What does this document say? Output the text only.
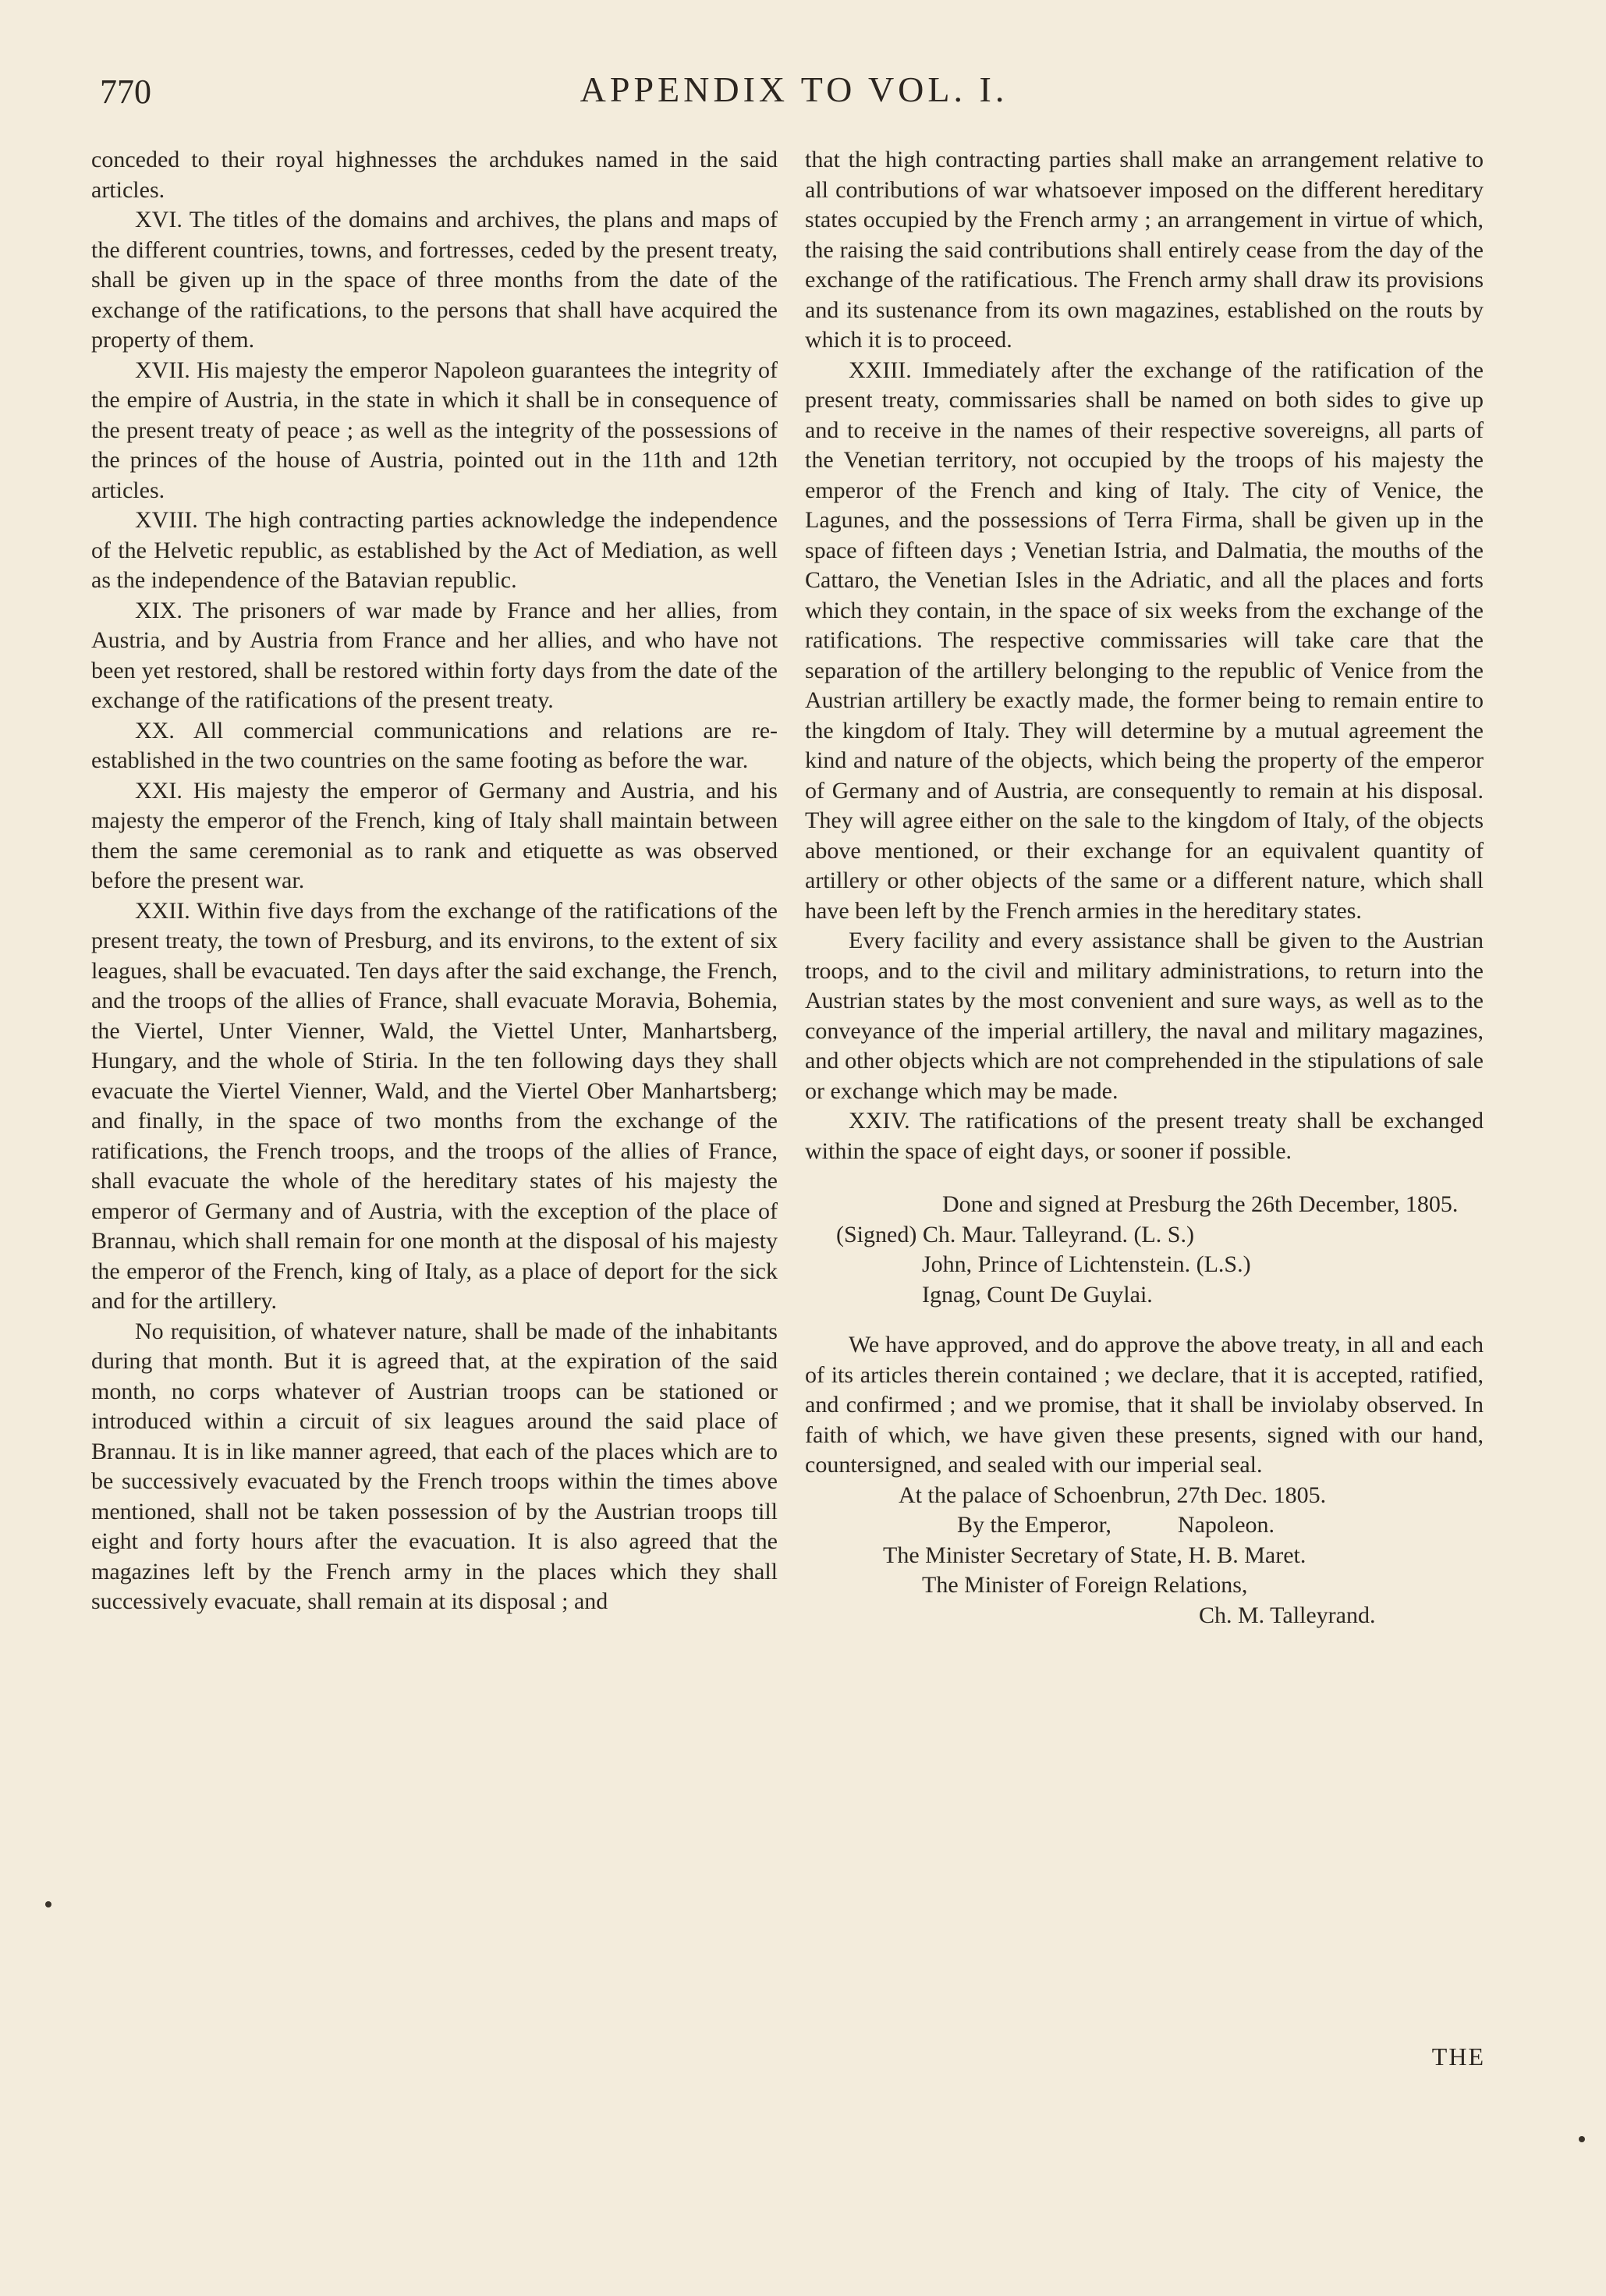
770	APPENDIX TO VOL. I.

conceded to their royal highnesses the archdukes named in the said articles.

XVI. The titles of the domains and archives, the plans and maps of the different countries, towns, and fortresses, ceded by the present treaty, shall be given up in the space of three months from the date of the exchange of the ratifications, to the persons that shall have acquired the property of them.

XVII. His majesty the emperor Napoleon guarantees the integrity of the empire of Austria, in the state in which it shall be in consequence of the present treaty of peace ; as well as the integrity of the possessions of the princes of the house of Austria, pointed out in the 11th and 12th articles.

XVIII. The high contracting parties acknowledge the independence of the Helvetic republic, as established by the Act of Mediation, as well as the independence of the Batavian republic.

XIX. The prisoners of war made by France and her allies, from Austria, and by Austria from France and her allies, and who have not been yet restored, shall be restored within forty days from the date of the exchange of the ratifications of the present treaty.

XX. All commercial communications and relations are re-established in the two countries on the same footing as before the war.

XXI. His majesty the emperor of Germany and Austria, and his majesty the emperor of the French, king of Italy shall maintain between them the same ceremonial as to rank and etiquette as was observed before the present war.

XXII. Within five days from the exchange of the ratifications of the present treaty, the town of Presburg, and its environs, to the extent of six leagues, shall be evacuated. Ten days after the said exchange, the French, and the troops of the allies of France, shall evacuate Moravia, Bohemia, the Viertel, Unter Vienner, Wald, the Viettel Unter, Manhartsberg, Hungary, and the whole of Stiria. In the ten following days they shall evacuate the Viertel Vienner, Wald, and the Viertel Ober Manhartsberg; and finally, in the space of two months from the exchange of the ratifications, the French troops, and the troops of the allies of France, shall evacuate the whole of the hereditary states of his majesty the emperor of Germany and of Austria, with the exception of the place of Brannau, which shall remain for one month at the disposal of his majesty the emperor of the French, king of Italy, as a place of deport for the sick and for the artillery.

No requisition, of whatever nature, shall be made of the inhabitants during that month. But it is agreed that, at the expiration of the said month, no corps whatever of Austrian troops can be stationed or introduced within a circuit of six leagues around the said place of Brannau. It is in like manner agreed, that each of the places which are to be successively evacuated by the French troops within the times above mentioned, shall not be taken possession of by the Austrian troops till eight and forty hours after the evacuation. It is also agreed that the magazines left by the French army in the places which they shall successively evacuate, shall remain at its disposal ; and

that the high contracting parties shall make an arrangement relative to all contributions of war whatsoever imposed on the different hereditary states occupied by the French army ; an arrangement in virtue of which, the raising the said contributions shall entirely cease from the day of the exchange of the ratificatious. The French army shall draw its provisions and its sustenance from its own magazines, established on the routs by which it is to proceed.

XXIII. Immediately after the exchange of the ratification of the present treaty, commissaries shall be named on both sides to give up and to receive in the names of their respective sovereigns, all parts of the Venetian territory, not occupied by the troops of his majesty the emperor of the French and king of Italy. The city of Venice, the Lagunes, and the possessions of Terra Firma, shall be given up in the space of fifteen days ; Venetian Istria, and Dalmatia, the mouths of the Cattaro, the Venetian Isles in the Adriatic, and all the places and forts which they contain, in the space of six weeks from the exchange of the ratifications. The respective commissaries will take care that the separation of the artillery belonging to the republic of Venice from the Austrian artillery be exactly made, the former being to remain entire to the kingdom of Italy. They will determine by a mutual agreement the kind and nature of the objects, which being the property of the emperor of Germany and of Austria, are consequently to remain at his disposal. They will agree either on the sale to the kingdom of Italy, of the objects above mentioned, or their exchange for an equivalent quantity of artillery or other objects of the same or a different nature, which shall have been left by the French armies in the hereditary states.

Every facility and every assistance shall be given to the Austrian troops, and to the civil and military administrations, to return into the Austrian states by the most convenient and sure ways, as well as to the conveyance of the imperial artillery, the naval and military magazines, and other objects which are not comprehended in the stipulations of sale or exchange which may be made.

XXIV. The ratifications of the present treaty shall be exchanged within the space of eight days, or sooner if possible.

Done and signed at Presburg the 26th December, 1805.

(Signed) Ch. Maur. Talleyrand. (L. S.)
John, Prince of Lichtenstein. (L.S.)
Ignag, Count De Guylai.

We have approved, and do approve the above treaty, in all and each of its articles therein contained ; we declare, that it is accepted, ratified, and confirmed ; and we promise, that it shall be inviolaby observed. In faith of which, we have given these presents, signed with our hand, countersigned, and sealed with our imperial seal.

At the palace of Schoenbrun, 27th Dec. 1805.
By the Emperor,	Napoleon.
The Minister Secretary of State, H. B. Maret.
The Minister of Foreign Relations,
Ch. M. Talleyrand.
THE
